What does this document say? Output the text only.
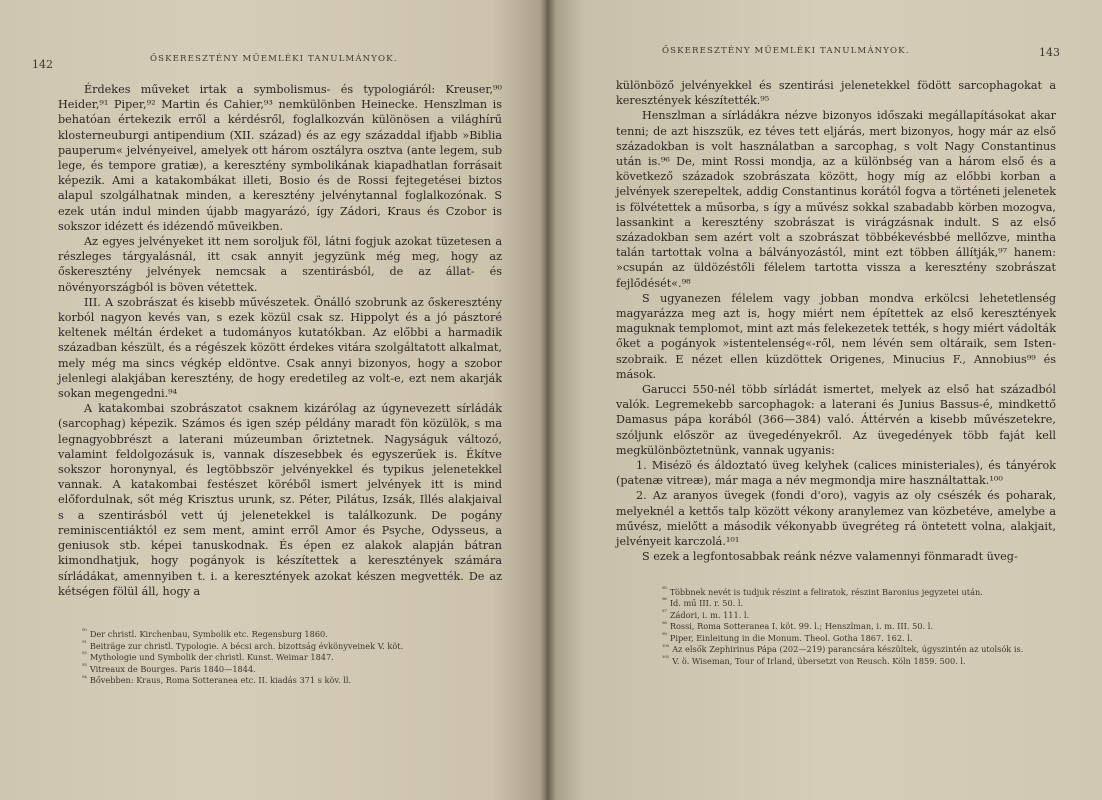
142	ŐSKERESZTÉNY MŰEMLÉKI TANULMÁNYOK.

Érdekes műveket irtak a symbolismus- és typologiáról: Kreuser,⁹⁰ Heider,⁹¹ Piper,⁹² Martin és Cahier,⁹³ nemkülönben Heinecke. Henszlman is behatóan értekezik erről a kérdésről, foglalkozván különösen a világhírű klosterneuburgi antipendium (XII. század) és az egy századdal ifjabb »Biblia pauperum« jelvényeivel, amelyek ott három osztályra osztva (ante legem, sub lege, és tempore gratiæ), a keresztény symbolikának kiapadhatlan forrásait képezik. Ami a katakombákat illeti, Bosio és de Rossi fejtegetései biztos alapul szolgálhatnak minden, a keresztény jelvénytannal foglalkozónak. S ezek után indul minden újabb magyarázó, így Zádori, Kraus és Czobor is sokszor idézett és idézendő műveikben.

Az egyes jelvényeket itt nem soroljuk föl, látni fogjuk azokat tüzetesen a részleges tárgyalásnál, itt csak annyit jegyzünk még meg, hogy az őskeresztény jelvények nemcsak a szentirásból, de az állat- és növényországból is böven vétettek.

III. A szobrászat és kisebb művészetek. Önálló szobrunk az őskeresztény korból nagyon kevés van, s ezek közül csak sz. Hippolyt és a jó pásztoré keltenek méltán érdeket a tudományos kutatókban. Az előbbi a harmadik században készült, és a régészek között érdekes vitára szolgáltatott alkalmat, mely még ma sincs végkép eldöntve. Csak annyi bizonyos, hogy a szobor jelenlegi alakjában keresztény, de hogy eredetileg az volt-e, ezt nem akarják sokan megengedni.⁹⁴

A katakombai szobrászatot csaknem kizárólag az úgynevezett sírládák (sarcophag) képezik. Számos és igen szép példány maradt fön közülök, s ma legnagyobbrészt a laterani múzeumban őriztetnek. Nagyságuk változó, valamint feldolgozásuk is, vannak díszesebbek és egyszerűek is. Ékítve sokszor horonynyal, és legtöbbször jelvényekkel és typikus jelenetekkel vannak. A katakombai festészet köréből ismert jelvények itt is mind előfordulnak, sőt még Krisztus urunk, sz. Péter, Pilátus, Izsák, Illés alakjaival s a szentirásból vett új jelenetekkel is találkozunk. De pogány reminiscentiáktól ez sem ment, amint erről Amor és Psyche, Odysseus, a geniusok stb. képei tanuskodnak. És épen ez alakok alapján bátran kimondhatjuk, hogy pogányok is készítettek a keresztények számára sírládákat, amennyiben t. i. a keresztények azokat készen megvették. De az kétségen fölül áll, hogy a

$^{^{90}}$ Der christl. Kirchenbau, Symbolik etc. Regensburg 1860.
$^{^{91}}$ Beiträge zur christl. Typologie. A bécsi arch. bizottság évkönyveinek V. köt.
$^{^{92}}$ Mythologie und Symbolik der christl. Kunst. Weimar 1847.
$^{^{93}}$ Vitreaux de Bourges. Paris 1840—1844.
$^{^{94}}$ Bővebben: Kraus, Roma Sotteranea etc. II. kiadás 371 s köv. ll.
ŐSKERESZTÉNY MŰEMLÉKI TANULMÁNYOK.	143

különböző jelvényekkel és szentirási jelenetekkel födött sarcophagokat a keresztények készítették.⁹⁵

Henszlman a sírládákra nézve bizonyos időszaki megállapításokat akar tenni; de azt hiszszük, ez téves tett eljárás, mert bizonyos, hogy már az első századokban is volt használatban a sarcophag, s volt Nagy Constantinus után is.⁹⁶ De, mint Rossi mondja, az a különbség van a három első és a következő századok szobrászata között, hogy míg az előbbi korban a jelvények szerepeltek, addig Constantinus korától fogva a történeti jelenetek is fölvétettek a műsorba, s így a művész sokkal szabadabb körben mozogva, lassankint a keresztény szobrászat is virágzásnak indult. S az első századokban sem azért volt a szobrászat többékevésbbé mellőzve, mintha talán tartottak volna a bálványozástól, mint ezt többen állítják,⁹⁷ hanem: »csupán az üldözéstőli félelem tartotta vissza a keresztény szobrászat fejlődését«.⁹⁸

S ugyanezen félelem vagy jobban mondva erkölcsi lehetetlenség magyarázza meg azt is, hogy miért nem építettek az első keresztények maguknak templomot, mint azt más felekezetek tették, s hogy miért vádolták őket a pogányok »istentelenség«-ről, nem lévén sem oltáraik, sem Isten-szobraik. E nézet ellen küzdöttek Origenes, Minucius F., Annobius⁹⁹ és mások.

Garucci 550-nél több sírládát ismertet, melyek az első hat századból valók. Legremekebb sarcophagok: a laterani és Junius Bassus-é, mindkettő Damasus pápa korából (366—384) való. Áttérvén a kisebb művészetekre, szóljunk először az üvegedényekről. Az üvegedények több faját kell megkülönböztetnünk, vannak ugyanis:

1. Misézö és áldoztató üveg kelyhek (calices ministeriales), és tányérok (patenæ vitreæ), már maga a név megmondja mire használtattak.¹⁰⁰

2. Az aranyos üvegek (fondi d'oro), vagyis az oly csészék és poharak, melyeknél a kettős talp között vékony aranylemez van közbetéve, amelybe a művész, mielőtt a második vékonyabb üvegréteg rá öntetett volna, alakjait, jelvényeit karczolá.¹⁰¹

S ezek a legfontosabbak reánk nézve valamennyi fönmaradt üveg-

$^{^{95}}$ Többnek nevét is tudjuk részint a feliratok, részint Baronius jegyzetei után.
$^{^{96}}$ Id. mű III. r. 50. l.
$^{^{97}}$ Zádori, i. m. 111. l.
$^{^{98}}$ Rossi, Roma Sotteranea I. köt. 99. l.; Henszlman, i. m. III. 50. l.
$^{^{99}}$ Piper, Einleitung in die Monum. Theol. Gotha 1867. 162. l.
$^{^{100}}$ Az elsők Zephirinus Pápa (202—219) parancsára készültek, úgyszintén az utolsók is.
$^{^{101}}$ V. ö. Wiseman, Tour of Irland, übersetzt von Reusch. Köln 1859. 500. l.
